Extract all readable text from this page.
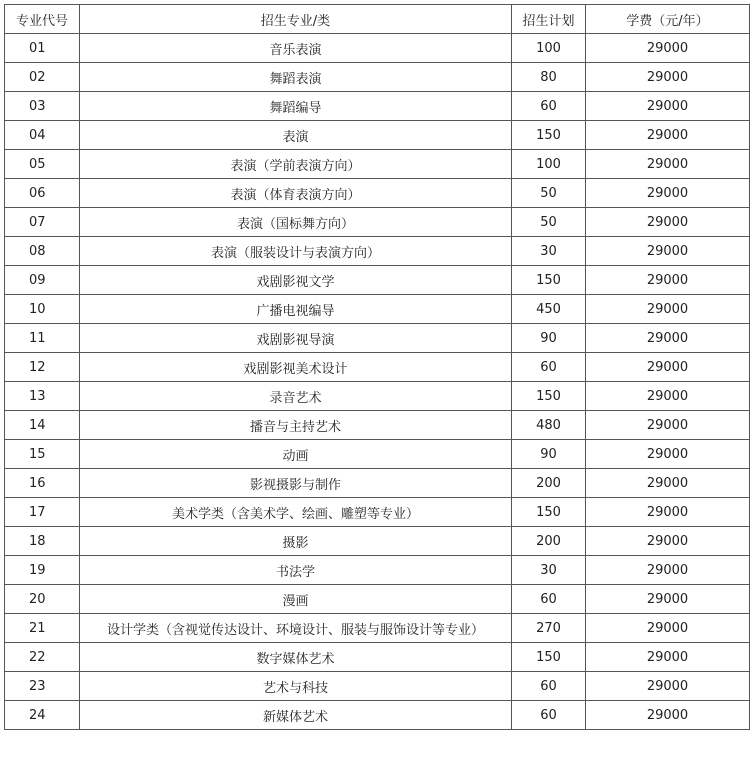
专业代号	招生专业/类	招生计划	学费（元/年）
01	音乐表演	100	29000
02	舞蹈表演	80	29000
03	舞蹈编导	60	29000
04	表演	150	29000
05	表演（学前表演方向）	100	29000
06	表演（体育表演方向）	50	29000
07	表演（国标舞方向）	50	29000
08	表演（服装设计与表演方向）	30	29000
09	戏剧影视文学	150	29000
10	广播电视编导	450	29000
11	戏剧影视导演	90	29000
12	戏剧影视美术设计	60	29000
13	录音艺术	150	29000
14	播音与主持艺术	480	29000
15	动画	90	29000
16	影视摄影与制作	200	29000
17	美术学类（含美术学、绘画、雕塑等专业）	150	29000
18	摄影	200	29000
19	书法学	30	29000
20	漫画	60	29000
21	设计学类（含视觉传达设计、环境设计、服装与服饰设计等专业）	270	29000
22	数字媒体艺术	150	29000
23	艺术与科技	60	29000
24	新媒体艺术	60	29000
